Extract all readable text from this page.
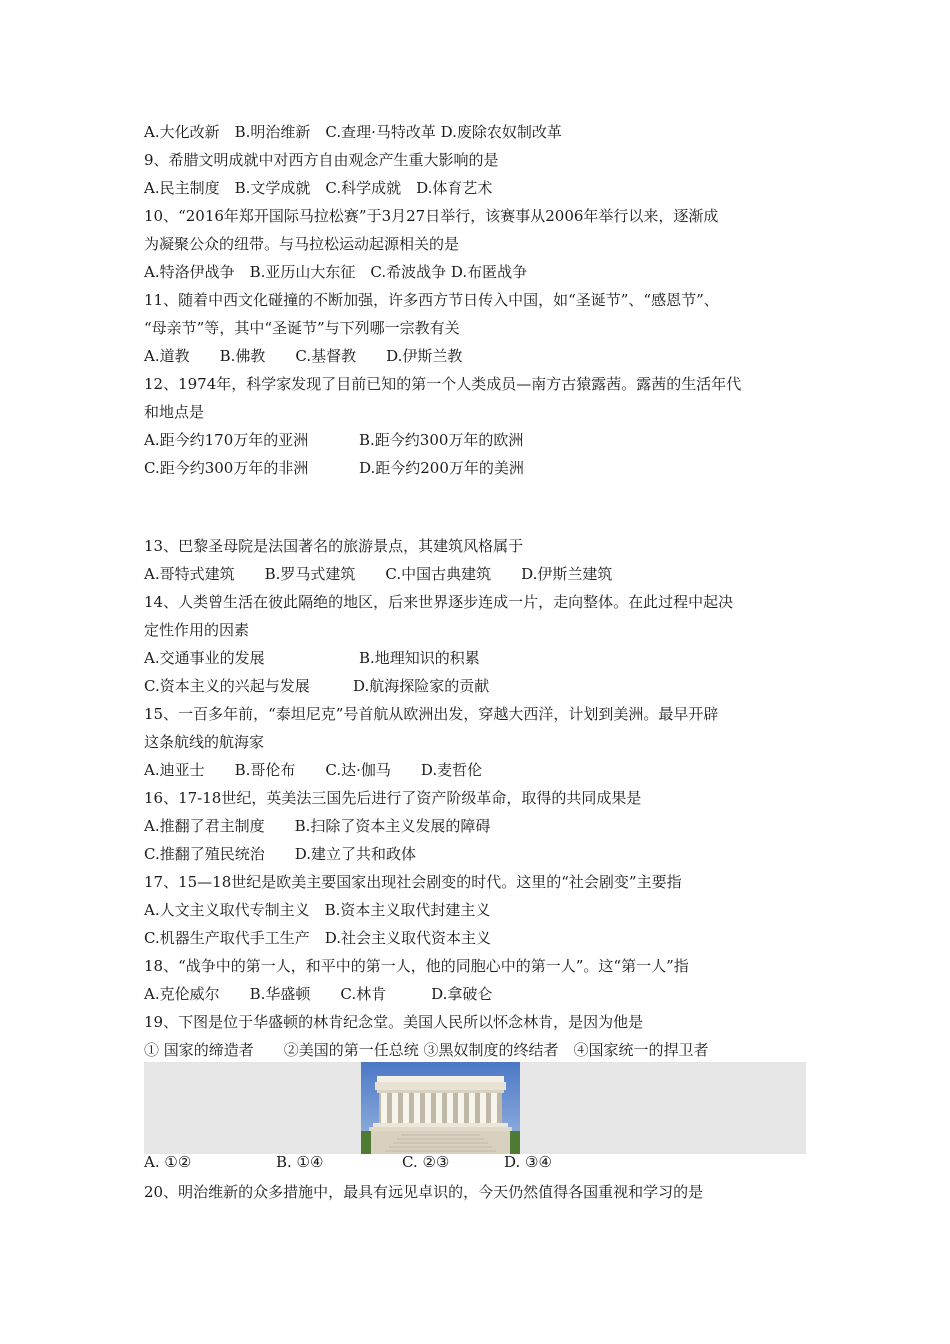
A.大化改新　B.明治维新　C.查理·马特改革 D.废除农奴制改革
9、希腊文明成就中对西方自由观念产生重大影响的是
A.民主制度　B.文学成就　C.科学成就　D.体育艺术
10、“2016年郑开国际马拉松赛”于3月27日举行，该赛事从2006年举行以来，逐渐成
为凝聚公众的纽带。与马拉松运动起源相关的是
A.特洛伊战争　B.亚历山大东征　C.希波战争 D.布匿战争
11、随着中西文化碰撞的不断加强，许多西方节日传入中国，如“圣诞节”、“感恩节”、
“母亲节”等，其中“圣诞节”与下列哪一宗教有关
A.道教　　B.佛教　　C.基督教　　D.伊斯兰教
12、1974年，科学家发现了目前已知的第一个人类成员—南方古猿露茜。露茜的生活年代
和地点是
A.距今约170万年的亚洲	B.距今约300万年的欧洲
C.距今约300万年的非洲	D.距今约200万年的美洲
13、巴黎圣母院是法国著名的旅游景点，其建筑风格属于
A.哥特式建筑　　B.罗马式建筑　　C.中国古典建筑　　D.伊斯兰建筑
14、人类曾生活在彼此隔绝的地区，后来世界逐步连成一片，走向整体。在此过程中起决
定性作用的因素
A.交通事业的发展	B.地理知识的积累
C.资本主义的兴起与发展	D.航海探险家的贡献
15、一百多年前，“泰坦尼克”号首航从欧洲出发，穿越大西洋，计划到美洲。最早开辟
这条航线的航海家
A.迪亚士　　B.哥伦布　　C.达·伽马　　D.麦哲伦
16、17-18世纪，英美法三国先后进行了资产阶级革命，取得的共同成果是
A.推翻了君主制度　　B.扫除了资本主义发展的障碍
C.推翻了殖民统治　　D.建立了共和政体
17、15—18世纪是欧美主要国家出现社会剧变的时代。这里的“社会剧变”主要指
A.人文主义取代专制主义　B.资本主义取代封建主义
C.机器生产取代手工生产　D.社会主义取代资本主义
18、“战争中的第一人，和平中的第一人，他的同胞心中的第一人”。这“第一人”指
A.克伦威尔　　B.华盛顿　　C.林肯　　　D.拿破仑
19、下图是位于华盛顿的林肯纪念堂。美国人民所以怀念林肯，是因为他是
① 国家的缔造者　　②美国的第一任总统 ③黑奴制度的终结者　④国家统一的捍卫者
A. ①②	B. ①④	C. ②③	D. ③④
20、明治维新的众多措施中，最具有远见卓识的，今天仍然值得各国重视和学习的是
